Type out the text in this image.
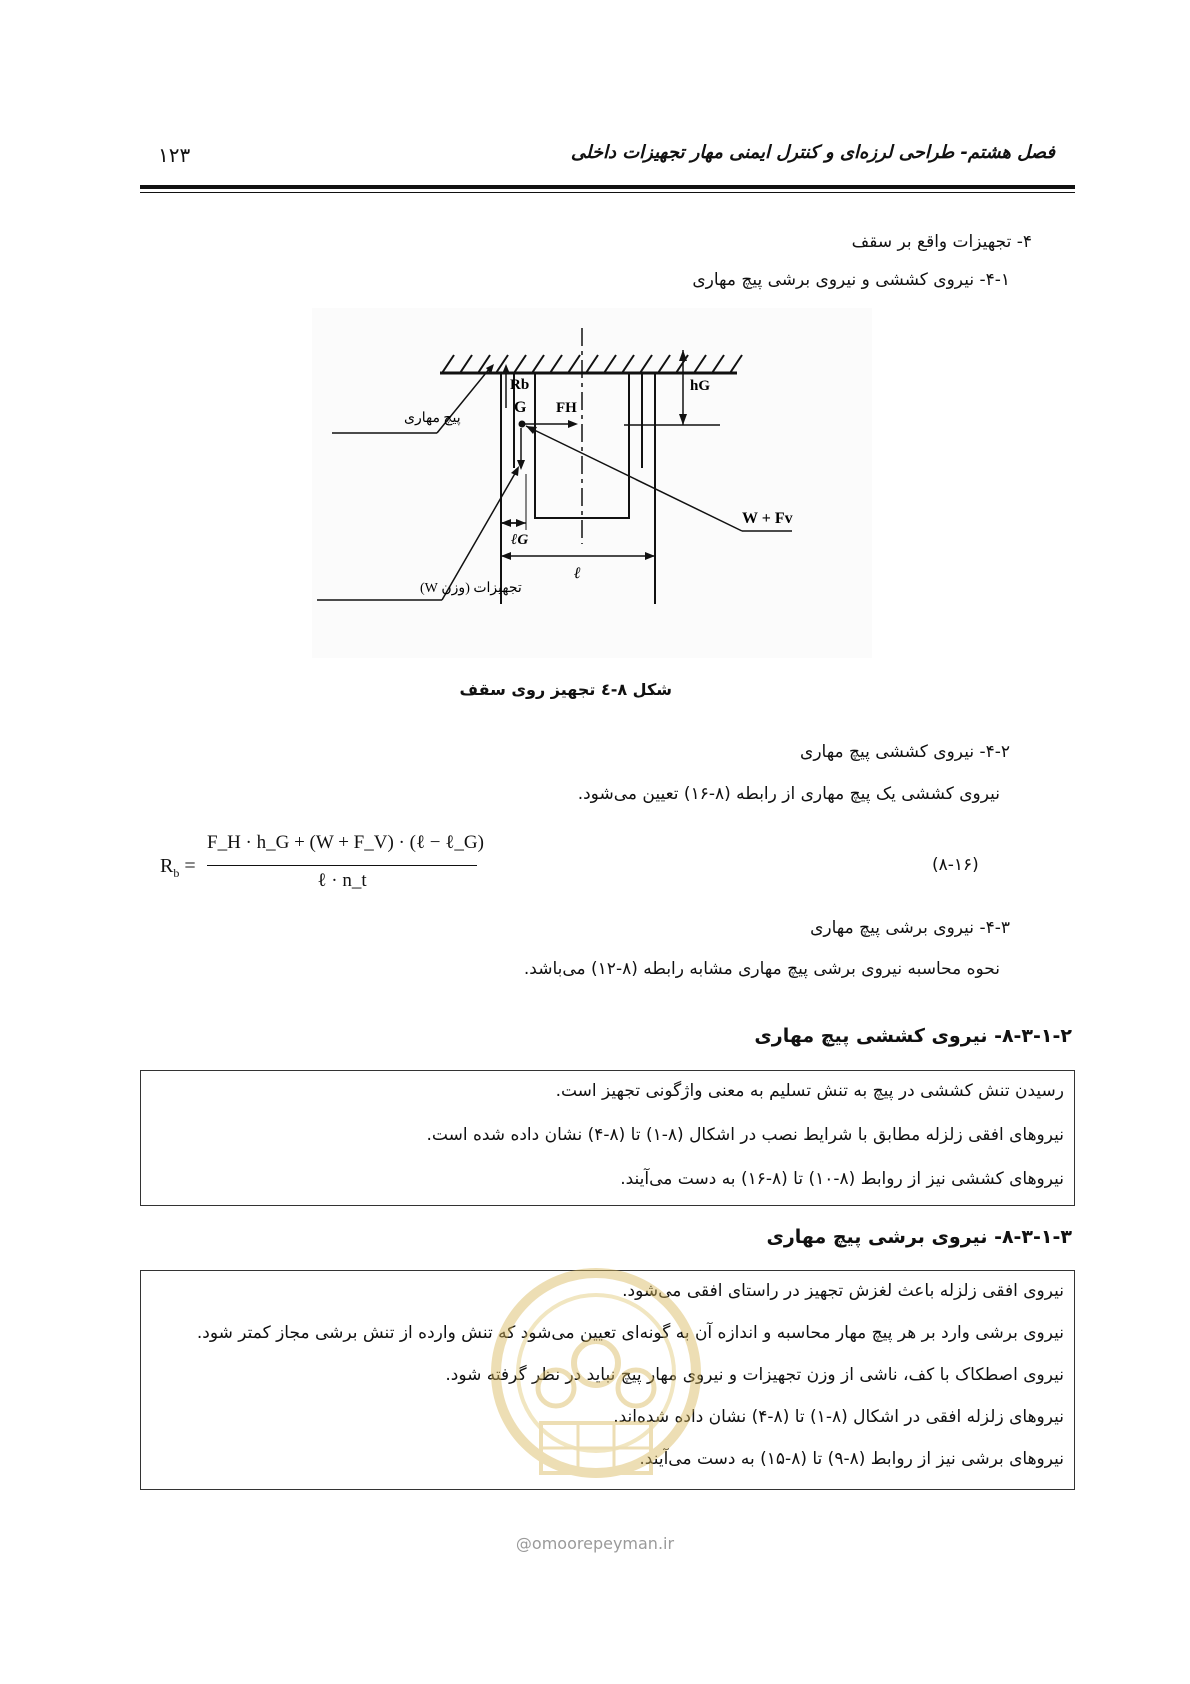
فصل هشتم- طراحی لرزه‌ای و کنترل ایمنی مهار تجهیزات داخلی
۱۲۳
۴- تجهیزات واقع بر سقف
۴-۱- نیروی کششی و نیروی برشی پیچ مهاری
Rb	hG
G FH
W + Fv
پیچ مهاری
تجهیزات (وزن W)
ℓG
ℓ
شکل ۸-٤ تجهیز روی سقف
۴-۲- نیروی کششی پیچ مهاری
نیروی کششی یک پیچ مهاری از رابطه (۸-۱۶) تعیین می‌شود.
$R_b$ =
F_H · h_G + (W + F_V) · (ℓ − ℓ_G)
ℓ · n_t
(۸-۱۶)
۴-۳- نیروی برشی پیچ مهاری
نحوه محاسبه نیروی برشی پیچ مهاری مشابه رابطه (۸-۱۲) می‌باشد.
۸-۳-۱-۲- نیروی کششی پیچ مهاری
رسیدن تنش کششی در پیچ به تنش تسلیم به معنی واژگونی تجهیز است.
نیروهای افقی زلزله مطابق با شرایط نصب در اشکال (۸-۱) تا (۸-۴) نشان داده شده است.
نیروهای کششی نیز از روابط (۸-۱۰) تا (۸-۱۶) به دست می‌آیند.
۸-۳-۱-۳- نیروی برشی پیچ مهاری
نیروی افقی زلزله باعث لغزش تجهیز در راستای افقی می‌شود.
نیروی برشی وارد بر هر پیچ مهار محاسبه و اندازه آن به گونه‌ای تعیین می‌شود که تنش وارده از تنش برشی مجاز کمتر شود.
نیروی اصطکاک با کف، ناشی از وزن تجهیزات و نیروی مهار پیچ نباید در نظر گرفته شود.
نیروهای زلزله افقی در اشکال (۸-۱) تا (۸-۴) نشان داده شده‌اند.
نیروهای برشی نیز از روابط (۸-۹) تا (۸-۱۵) به دست می‌آیند.
@omoorepeyman.ir
